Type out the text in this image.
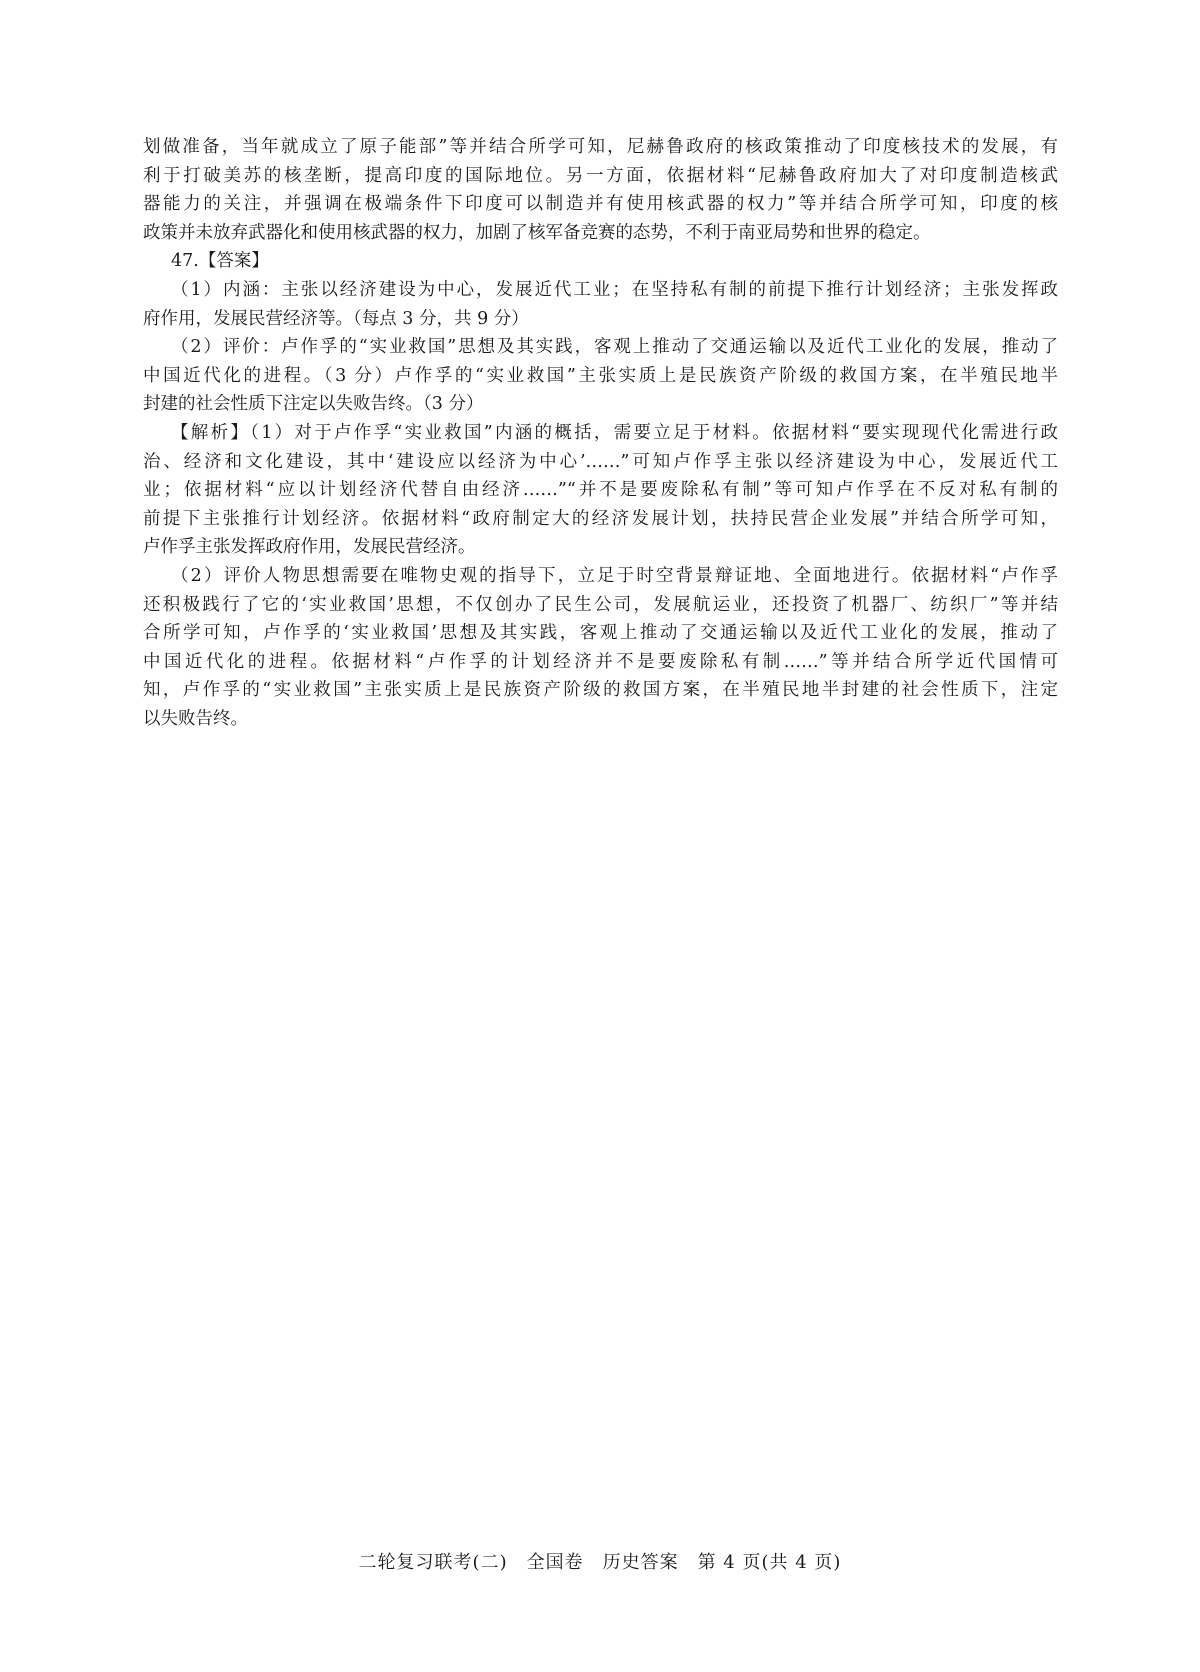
划做准备，当年就成立了原子能部”等并结合所学可知，尼赫鲁政府的核政策推动了印度核技术的发展，有
利于打破美苏的核垄断，提高印度的国际地位。另一方面，依据材料“尼赫鲁政府加大了对印度制造核武
器能力的关注，并强调在极端条件下印度可以制造并有使用核武器的权力”等并结合所学可知，印度的核
政策并未放弃武器化和使用核武器的权力，加剧了核军备竞赛的态势，不利于南亚局势和世界的稳定。
47.【答案】
（1）内涵：主张以经济建设为中心，发展近代工业；在坚持私有制的前提下推行计划经济；主张发挥政
府作用，发展民营经济等。（每点 3 分，共 9 分）
（2）评价：卢作孚的“实业救国”思想及其实践，客观上推动了交通运输以及近代工业化的发展，推动了
中国近代化的进程。（3 分）卢作孚的“实业救国”主张实质上是民族资产阶级的救国方案，在半殖民地半
封建的社会性质下注定以失败告终。（3 分）
【解析】（1）对于卢作孚“实业救国”内涵的概括，需要立足于材料。依据材料“要实现现代化需进行政
治、经济和文化建设，其中‘建设应以经济为中心’……”可知卢作孚主张以经济建设为中心，发展近代工
业；依据材料“应以计划经济代替自由经济……”“并不是要废除私有制”等可知卢作孚在不反对私有制的
前提下主张推行计划经济。依据材料“政府制定大的经济发展计划，扶持民营企业发展”并结合所学可知，
卢作孚主张发挥政府作用，发展民营经济。
（2）评价人物思想需要在唯物史观的指导下，立足于时空背景辩证地、全面地进行。依据材料“卢作孚
还积极践行了它的‘实业救国’思想，不仅创办了民生公司，发展航运业，还投资了机器厂、纺织厂”等并结
合所学可知，卢作孚的‘实业救国’思想及其实践，客观上推动了交通运输以及近代工业化的发展，推动了
中国近代化的进程。依据材料“卢作孚的计划经济并不是要废除私有制……”等并结合所学近代国情可
知，卢作孚的“实业救国”主张实质上是民族资产阶级的救国方案，在半殖民地半封建的社会性质下，注定
以失败告终。
二轮复习联考(二)　全国卷　历史答案　第 4 页(共 4 页)
